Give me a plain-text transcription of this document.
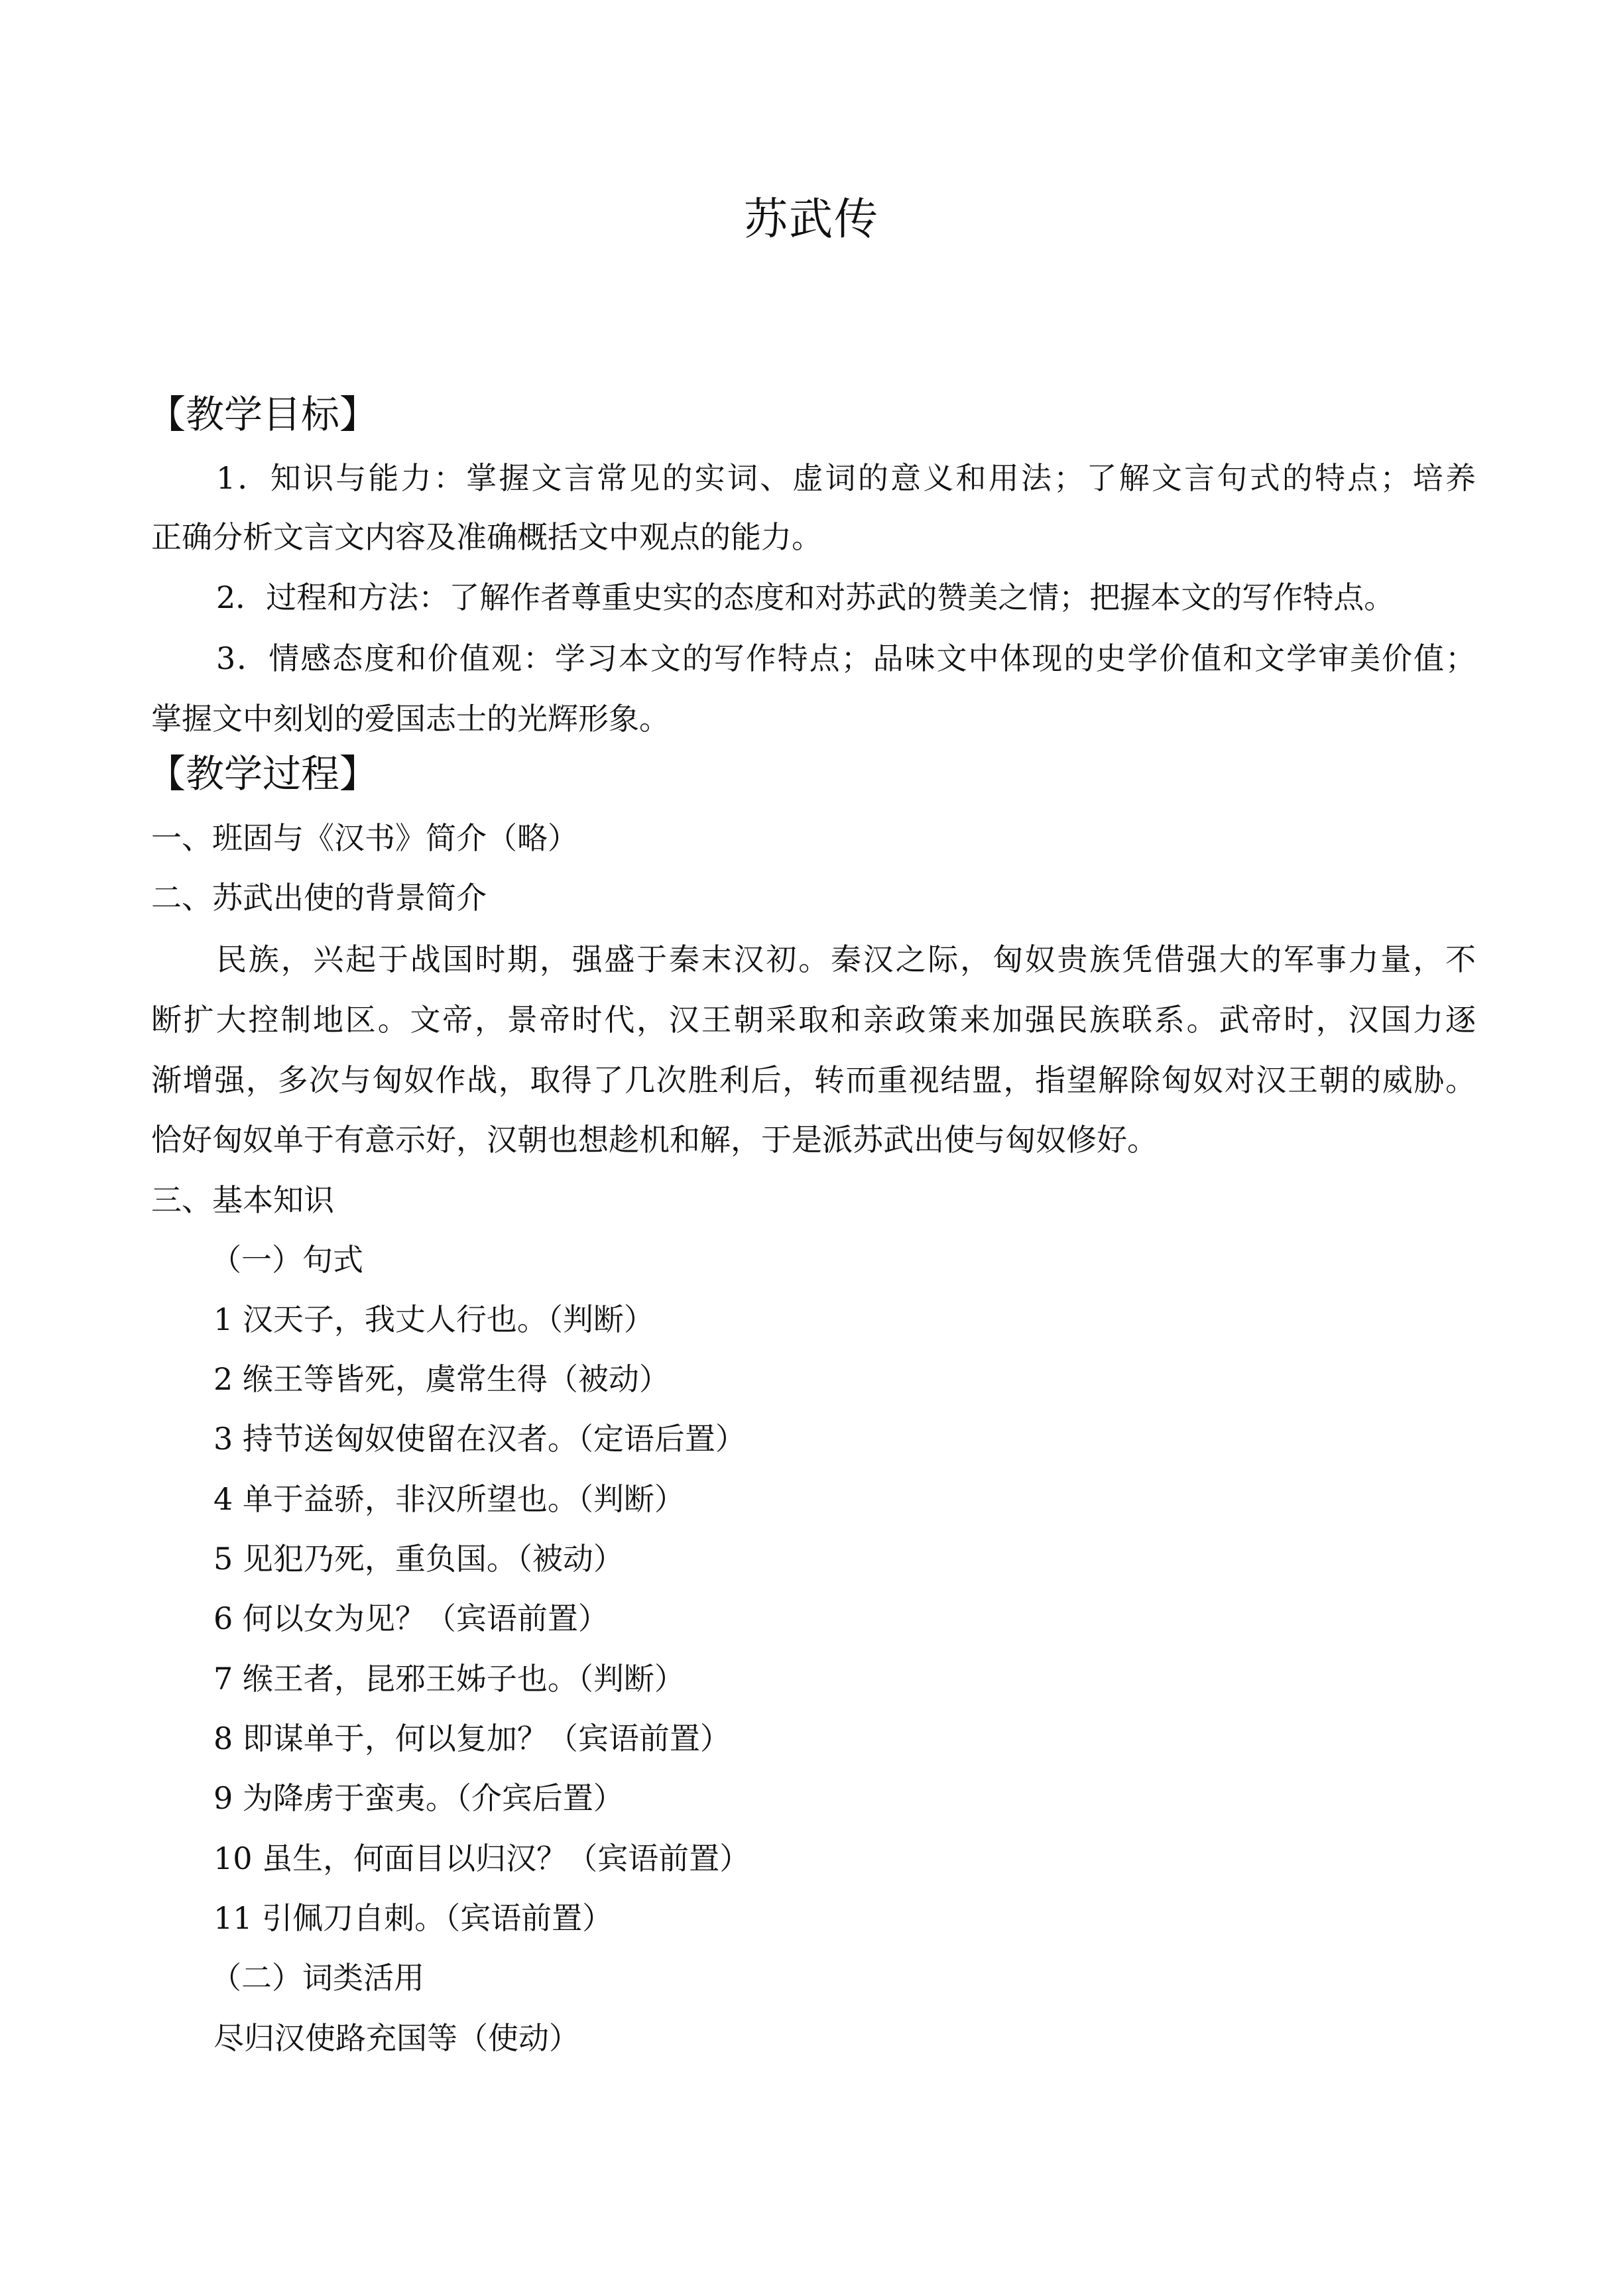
苏武传
【教学目标】
1．知识与能力：掌握文言常见的实词、虚词的意义和用法；了解文言句式的特点；培养
正确分析文言文内容及准确概括文中观点的能力。
2．过程和方法：了解作者尊重史实的态度和对苏武的赞美之情；把握本文的写作特点。
3．情感态度和价值观：学习本文的写作特点；品味文中体现的史学价值和文学审美价值；
掌握文中刻划的爱国志士的光辉形象。
【教学过程】
一、班固与《汉书》简介（略）
二、苏武出使的背景简介
民族，兴起于战国时期，强盛于秦末汉初。秦汉之际，匈奴贵族凭借强大的军事力量，不
断扩大控制地区。文帝，景帝时代，汉王朝采取和亲政策来加强民族联系。武帝时，汉国力逐
渐增强，多次与匈奴作战，取得了几次胜利后，转而重视结盟，指望解除匈奴对汉王朝的威胁。
恰好匈奴单于有意示好，汉朝也想趁机和解，于是派苏武出使与匈奴修好。
三、基本知识
（一）句式
1 汉天子，我丈人行也。（判断）
2 缑王等皆死，虞常生得（被动）
3 持节送匈奴使留在汉者。（定语后置）
4 单于益骄，非汉所望也。（判断）
5 见犯乃死，重负国。（被动）
6 何以女为见？（宾语前置）
7 缑王者，昆邪王姊子也。（判断）
8 即谋单于，何以复加？（宾语前置）
9 为降虏于蛮夷。（介宾后置）
10 虽生，何面目以归汉？（宾语前置）
11 引佩刀自刺。（宾语前置）
（二）词类活用
尽归汉使路充国等（使动）
